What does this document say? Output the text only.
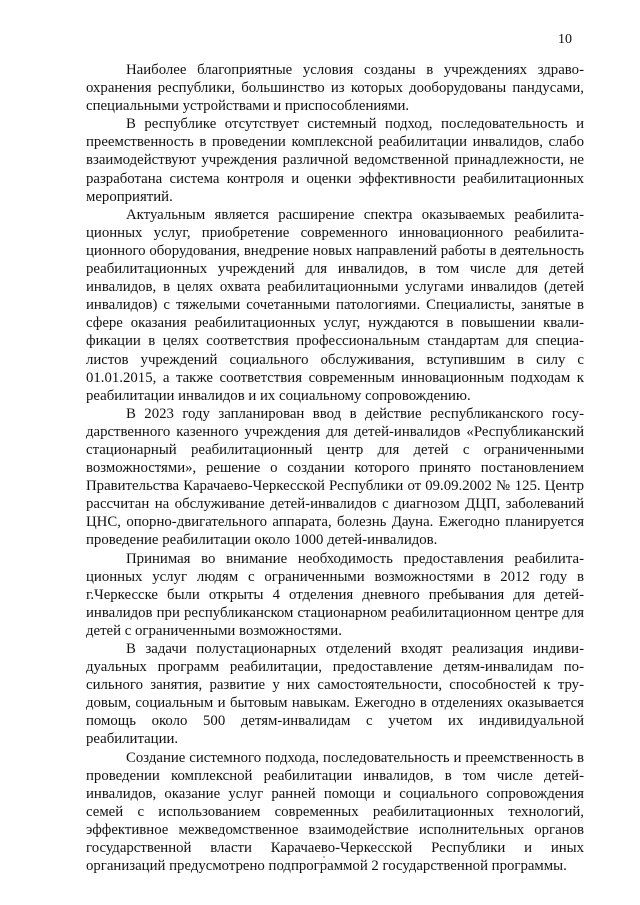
10

Наиболее благоприятные условия созданы в учреждениях здравоохранения республики, большинство из которых дооборудованы пандусами, специальными устройствами и приспособлениями.

В республике отсутствует системный подход, последовательность и преемственность в проведении комплексной реабилитации инвалидов, слабо взаимодействуют учреждения различной ведомственной принадлежности, не разработана система контроля и оценки эффективности реабилитационных мероприятий.

Актуальным является расширение спектра оказываемых реабилитационных услуг, приобретение современного инновационного реабилитационного оборудования, внедрение новых направлений работы в деятельность реабилитационных учреждений для инвалидов, в том числе для детей инвалидов, в целях охвата реабилитационными услугами инвалидов (детей инвалидов) с тяжелыми сочетанными патологиями. Специалисты, занятые в сфере оказания реабилитационных услуг, нуждаются в повышении квалификации в целях соответствия профессиональным стандартам для специалистов учреждений социального обслуживания, вступившим в силу с 01.01.2015, а также соответствия современным инновационным подходам к реабилитации инвалидов и их социальному сопровождению.

В 2023 году запланирован ввод в действие республиканского государственного казенного учреждения для детей-инвалидов «Республиканский стационарный реабилитационный центр для детей с ограниченными возможностями», решение о создании которого принято постановлением Правительства Карачаево-Черкесской Республики от 09.09.2002 № 125. Центр рассчитан на обслуживание детей-инвалидов с диагнозом ДЦП, заболеваний ЦНС, опорно-двигательного аппарата, болезнь Дауна. Ежегодно планируется проведение реабилитации около 1000 детей-инвалидов.

Принимая во внимание необходимость предоставления реабилитационных услуг людям с ограниченными возможностями в 2012 году в г.Черкесске были открыты 4 отделения дневного пребывания для детей-инвалидов при республиканском стационарном реабилитационном центре для детей с ограниченными возможностями.

В задачи полустационарных отделений входят реализация индивидуальных программ реабилитации, предоставление детям-инвалидам посильного занятия, развитие у них самостоятельности, способностей к трудовым, социальным и бытовым навыкам. Ежегодно в отделениях оказывается помощь около 500 детям-инвалидам с учетом их индивидуальной реабилитации.

Создание системного подхода, последовательность и преемственность в проведении комплексной реабилитации инвалидов, в том числе детей-инвалидов, оказание услуг ранней помощи и социального сопровождения семей с использованием современных реабилитационных технологий, эффективное межведомственное взаимодействие исполнительных органов государственной власти Карачаево-Черкесской Республики и иных организаций предусмотрено подпрограммой 2 государственной программы.
